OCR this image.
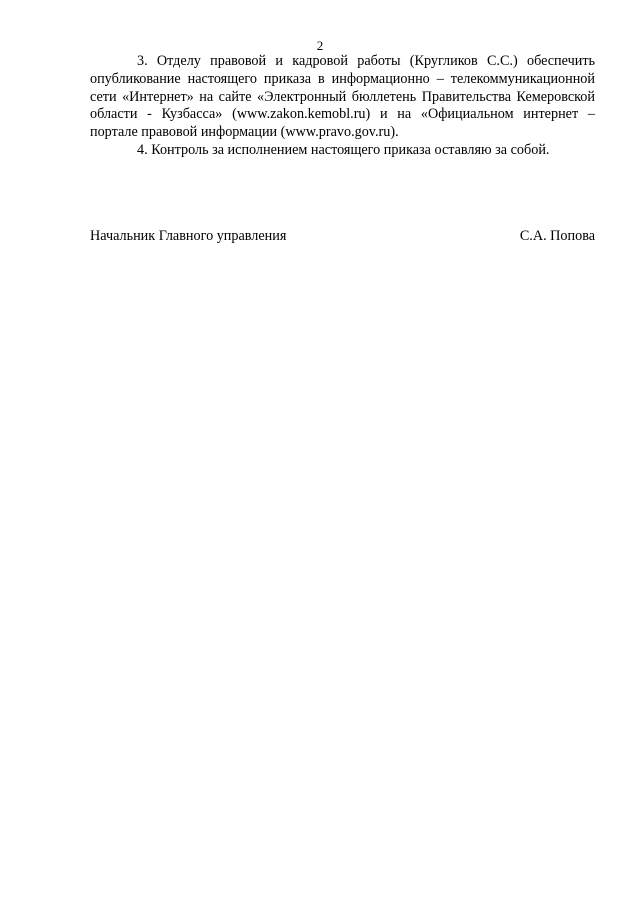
2

3. Отделу правовой и кадровой работы (Кругликов С.С.) обеспечить опубликование настоящего приказа в информационно – телекоммуникационной сети «Интернет» на сайте «Электронный бюллетень Правительства Кемеровской области - Кузбасса» (www.zakon.kemobl.ru) и на «Официальном интернет – портале правовой информации (www.pravo.gov.ru).

4. Контроль за исполнением настоящего приказа оставляю за собой.

Начальник Главного управления	С.А. Попова
